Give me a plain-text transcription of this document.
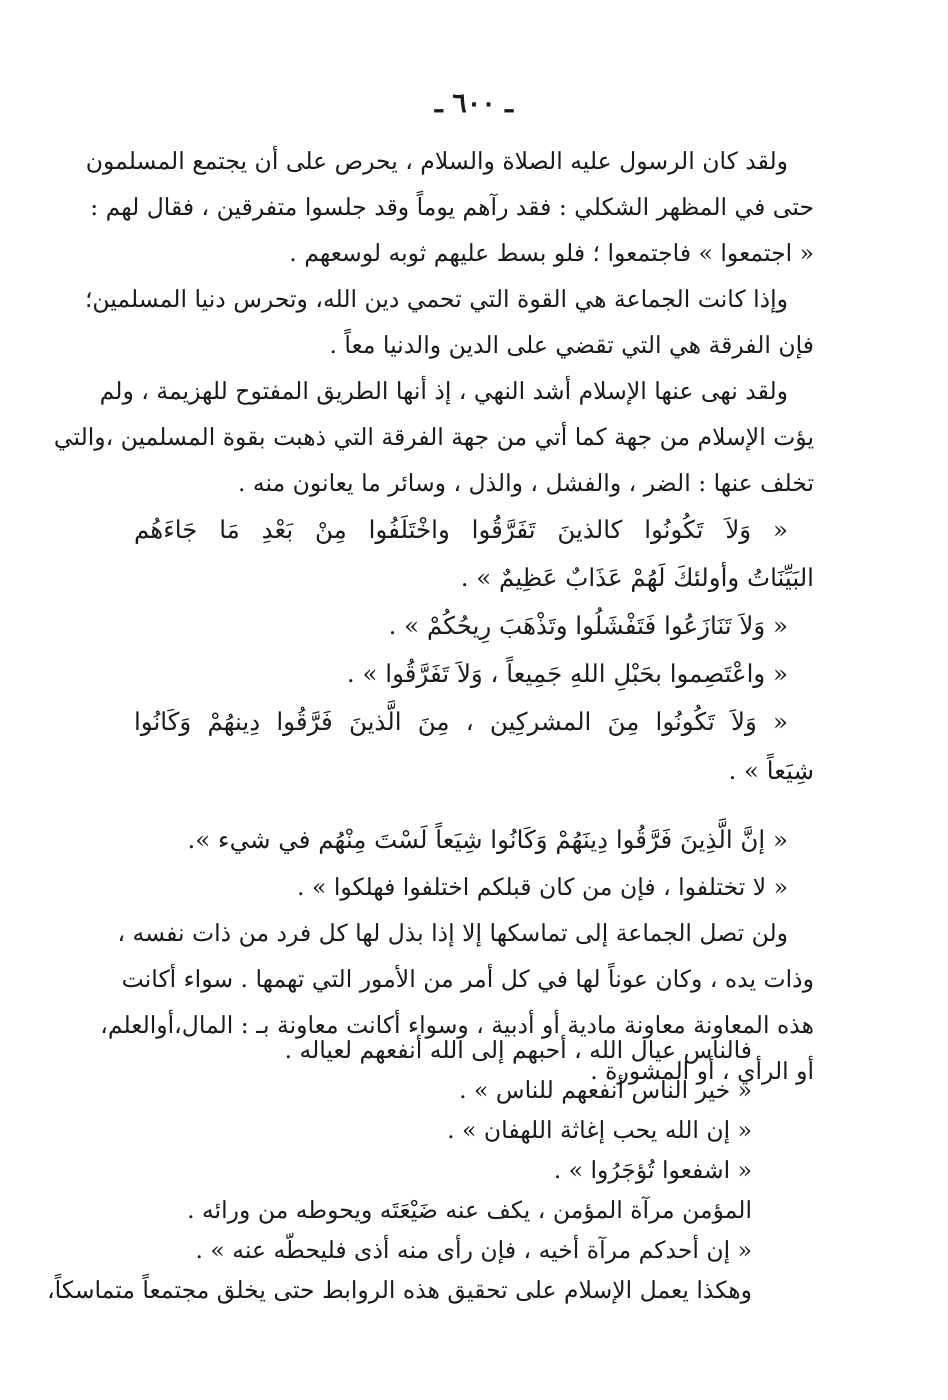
ـ ٦٠٠ ـ
ولقد كان الرسول عليه الصلاة والسلام ، يحرص على أن يجتمع المسلمون
حتى في المظهر الشكلي : فقد رآهم يوماً وقد جلسوا متفرقين ، فقال لهم :
« اجتمعوا » فاجتمعوا ؛ فلو بسط عليهم ثوبه لوسعهم .
وإذا كانت الجماعة هي القوة التي تحمي دين الله، وتحرس دنيا المسلمين؛
فإن الفرقة هي التي تقضي على الدين والدنيا معاً .
ولقد نهى عنها الإسلام أشد النهي ، إذ أنها الطريق المفتوح للهزيمة ، ولم
يؤت الإسلام من جهة كما أتي من جهة الفرقة التي ذهبت بقوة المسلمين ،والتي
تخلف عنها : الضر ، والفشل ، والذل ، وسائر ما يعانون منه .
« وَلاَ تَكُونُوا كالذينَ تَفَرَّقُوا واخْتَلَفُوا مِنْ بَعْدِ مَا جَاءَهُم
البَيِّنَاتُ وأولئكَ لَهُمْ عَذَابٌ عَظِيمٌ » .
« وَلاَ تَنَازَعُوا فَتَفْشَلُوا وتَذْهَبَ رِيحُكُمْ » .
« واعْتَصِموا بحَبْلِ اللهِ جَمِيعاً ، وَلاَ تَفَرَّقُوا » .
« وَلاَ تَكُونُوا مِنَ المشركِين ، مِنَ الَّذينَ فَرَّقُوا دِينهُمْ وَكَانُوا
شِيَعاً » .
« إنَّ الَّذِينَ فَرَّقُوا دِينَهُمْ وَكَانُوا شِيَعاً لَسْتَ مِنْهُم في شيء ».
« لا تختلفوا ، فإن من كان قبلكم اختلفوا فهلكوا » .
ولن تصل الجماعة إلى تماسكها إلا إذا بذل لها كل فرد من ذات نفسه ،
وذات يده ، وكان عوناً لها في كل أمر من الأمور التي تهمها . سواء أكانت
هذه المعاونة معاونة مادية أو أدبية ، وسواء أكانت معاونة بـ : المال،أوالعلم،
أو الرأي ، أو المشورة .
فالناس عيال الله ، أحبهم إلى الله أنفعهم لعياله .
« خير الناس أنفعهم للناس » .
« إن الله يحب إغاثة اللهفان » .
« اشفعوا تُؤجَرُوا » .
المؤمن مرآة المؤمن ، يكف عنه ضَيْعَتَه ويحوطه من ورائه .
« إن أحدكم مرآة أخيه ، فإن رأى منه أذى فليحطّه عنه » .
وهكذا يعمل الإسلام على تحقيق هذه الروابط حتى يخلق مجتمعاً متماسكاً،
